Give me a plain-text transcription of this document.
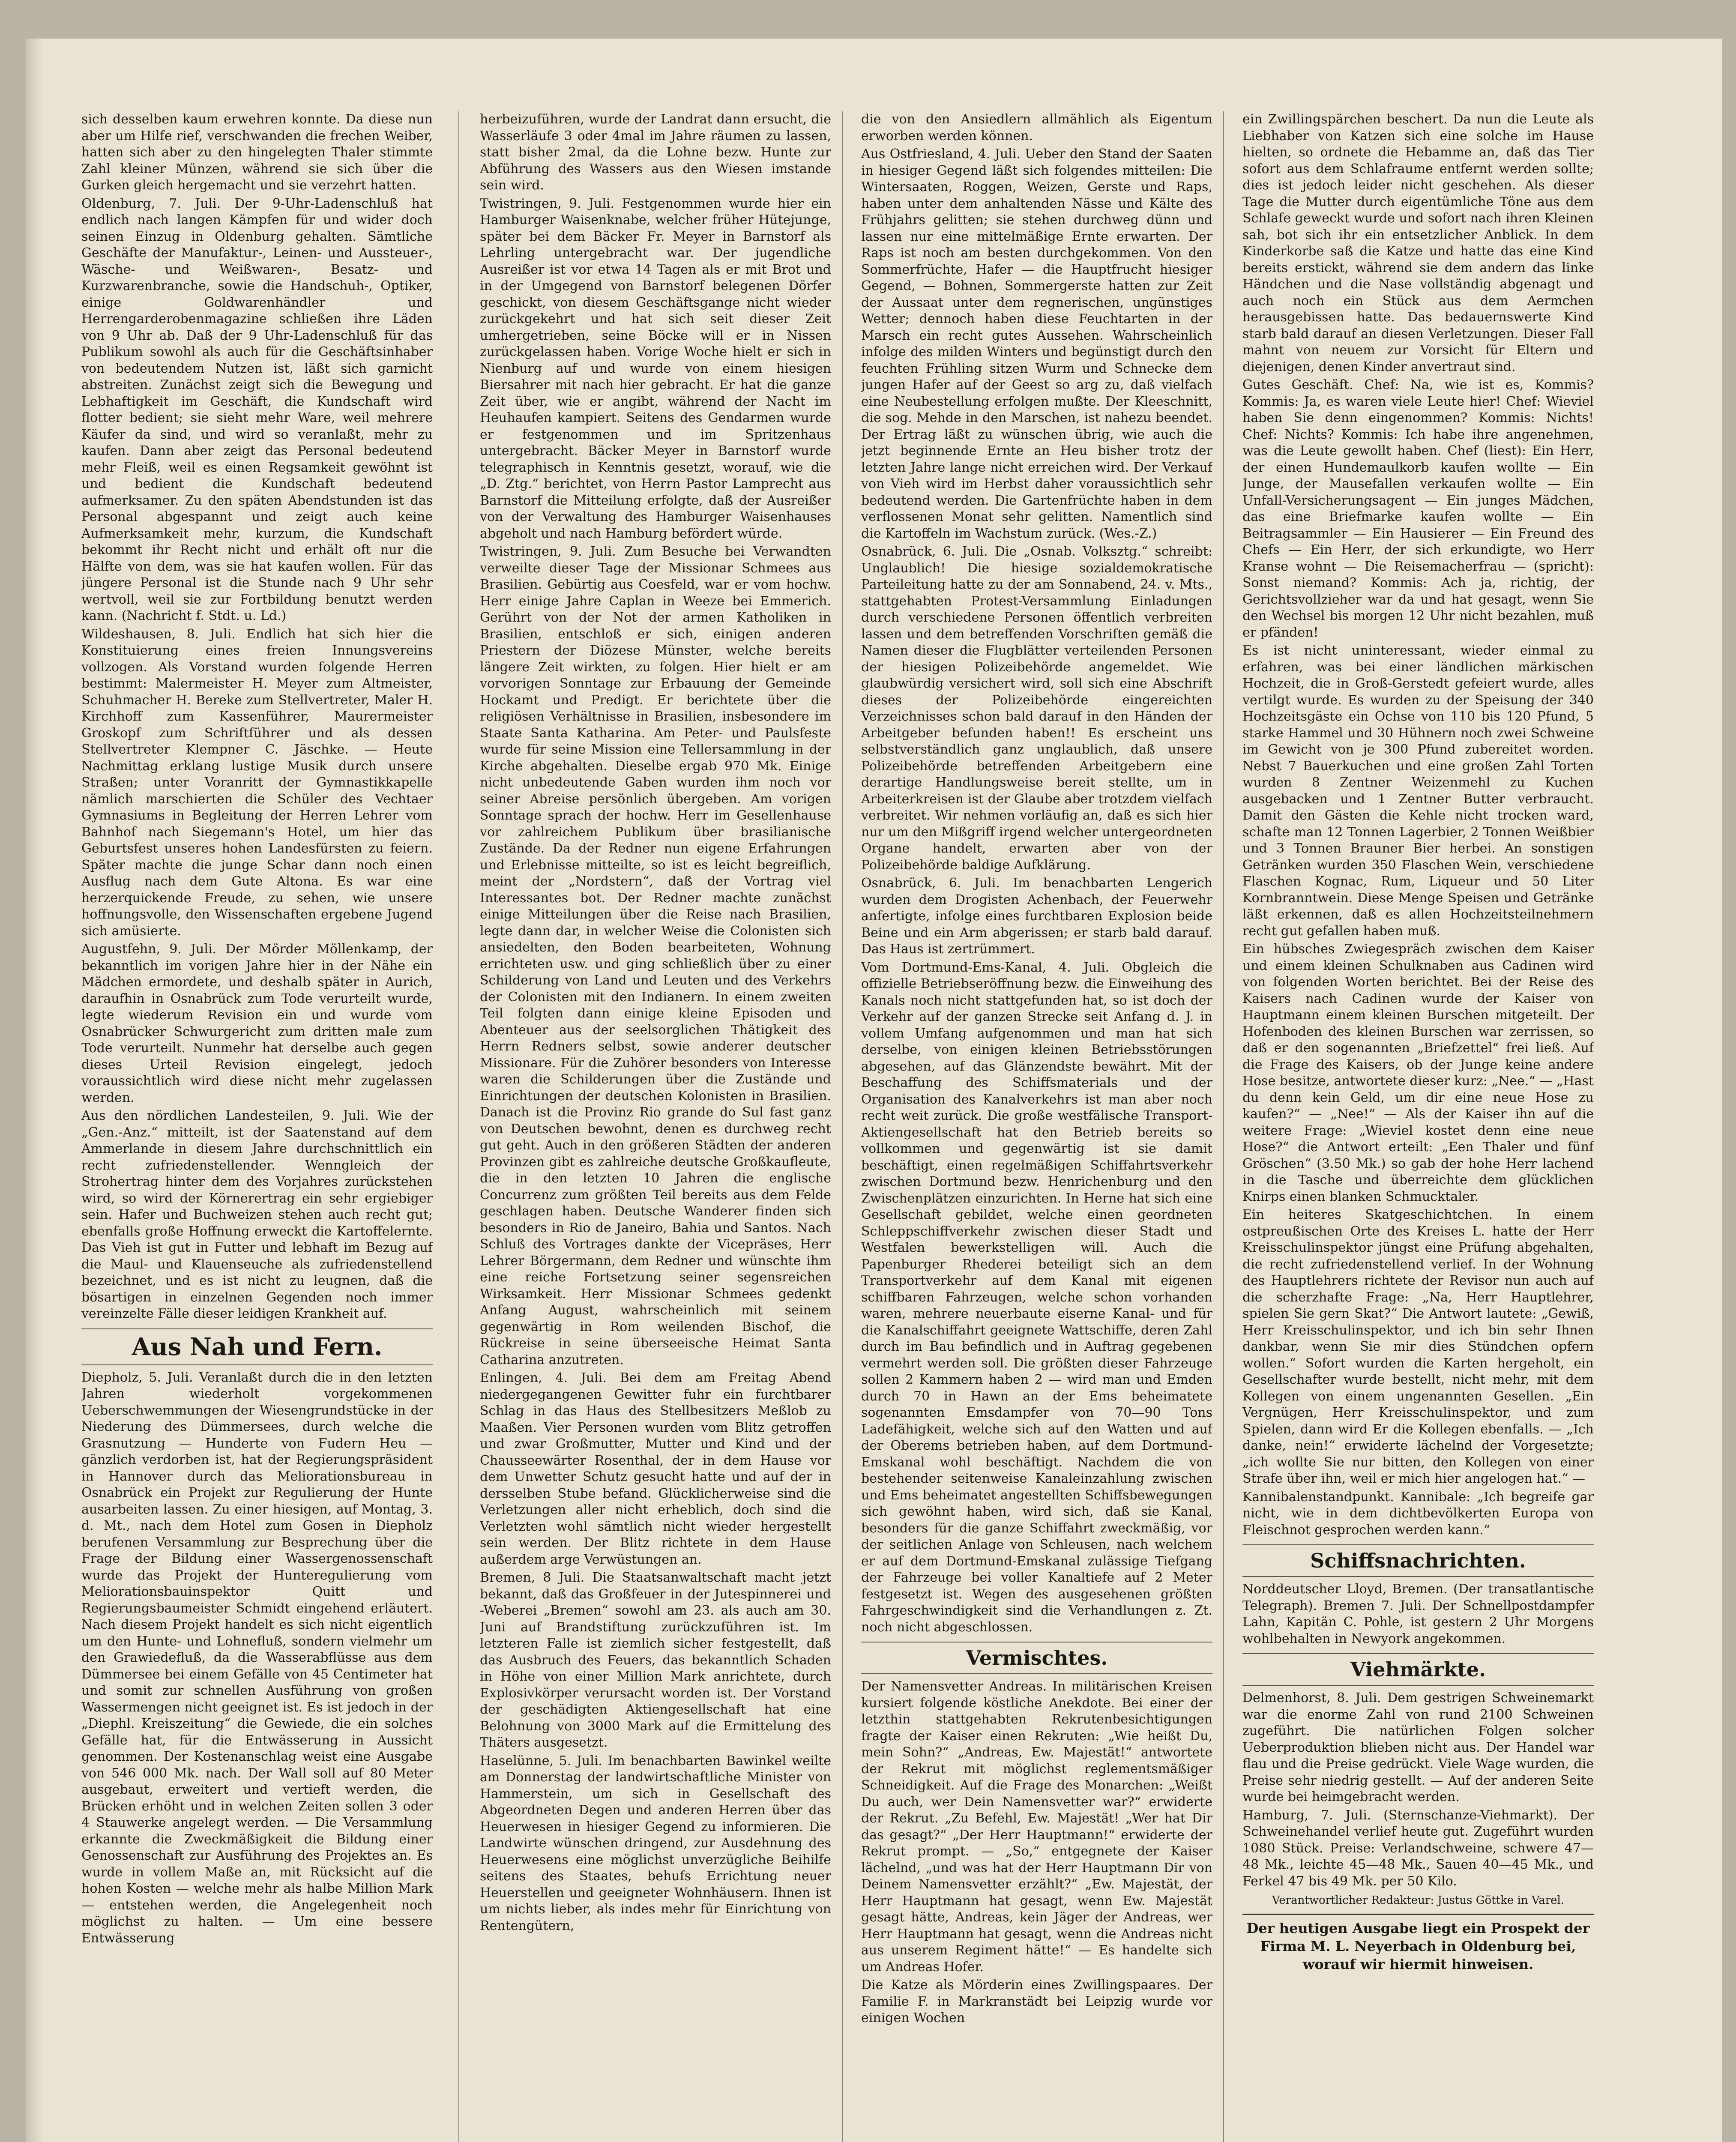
sich desselben kaum erwehren konnte. Da diese nun aber um Hilfe rief, verschwanden die frechen Weiber, hatten sich aber zu den hingelegten Thaler stimmte Zahl kleiner Münzen, während sie sich über die Gurken gleich hergemacht und sie verzehrt hatten.

Oldenburg, 7. Juli. Der 9-Uhr-Ladenschluß hat endlich nach langen Kämpfen für und wider doch seinen Einzug in Oldenburg gehalten. Sämtliche Geschäfte der Manufaktur-, Leinen- und Aussteuer-, Wäsche- und Weißwaren-, Besatz- und Kurzwarenbranche, sowie die Handschuh-, Optiker, einige Goldwarenhändler und Herrengarderobenmagazine schließen ihre Läden von 9 Uhr ab. Daß der 9 Uhr-Ladenschluß für das Publikum sowohl als auch für die Geschäftsinhaber von bedeutendem Nutzen ist, läßt sich garnicht abstreiten. Zunächst zeigt sich die Bewegung und Lebhaftigkeit im Geschäft, die Kundschaft wird flotter bedient; sie sieht mehr Ware, weil mehrere Käufer da sind, und wird so veranlaßt, mehr zu kaufen. Dann aber zeigt das Personal bedeutend mehr Fleiß, weil es einen Regsamkeit gewöhnt ist und bedient die Kundschaft bedeutend aufmerksamer. Zu den späten Abendstunden ist das Personal abgespannt und zeigt auch keine Aufmerksamkeit mehr, kurzum, die Kundschaft bekommt ihr Recht nicht und erhält oft nur die Hälfte von dem, was sie hat kaufen wollen. Für das jüngere Personal ist die Stunde nach 9 Uhr sehr wertvoll, weil sie zur Fortbildung benutzt werden kann. (Nachricht f. Stdt. u. Ld.)

Wildeshausen, 8. Juli. Endlich hat sich hier die Konstituierung eines freien Innungsvereins vollzogen. Als Vorstand wurden folgende Herren bestimmt: Malermeister H. Meyer zum Altmeister, Schuhmacher H. Bereke zum Stellvertreter, Maler H. Kirchhoff zum Kassenführer, Maurermeister Groskopf zum Schriftführer und als dessen Stellvertreter Klempner C. Jäschke. — Heute Nachmittag erklang lustige Musik durch unsere Straßen; unter Voranritt der Gymnastikkapelle nämlich marschierten die Schüler des Vechtaer Gymnasiums in Begleitung der Herren Lehrer vom Bahnhof nach Siegemann's Hotel, um hier das Geburtsfest unseres hohen Landesfürsten zu feiern. Später machte die junge Schar dann noch einen Ausflug nach dem Gute Altona. Es war eine herzerquickende Freude, zu sehen, wie unsere hoffnungsvolle, den Wissenschaften ergebene Jugend sich amüsierte.

Augustfehn, 9. Juli. Der Mörder Möllenkamp, der bekanntlich im vorigen Jahre hier in der Nähe ein Mädchen ermordete, und deshalb später in Aurich, daraufhin in Osnabrück zum Tode verurteilt wurde, legte wiederum Revision ein und wurde vom Osnabrücker Schwurgericht zum dritten male zum Tode verurteilt. Nunmehr hat derselbe auch gegen dieses Urteil Revision eingelegt, jedoch voraussichtlich wird diese nicht mehr zugelassen werden.

Aus den nördlichen Landesteilen, 9. Juli. Wie der „Gen.-Anz.“ mitteilt, ist der Saatenstand auf dem Ammerlande in diesem Jahre durchschnittlich ein recht zufriedenstellender. Wenngleich der Strohertrag hinter dem des Vorjahres zurückstehen wird, so wird der Körnerertrag ein sehr ergiebiger sein. Hafer und Buchweizen stehen auch recht gut; ebenfalls große Hoffnung erweckt die Kartoffelernte. Das Vieh ist gut in Futter und lebhaft im Bezug auf die Maul- und Klauenseuche als zufriedenstellend bezeichnet, und es ist nicht zu leugnen, daß die bösartigen in einzelnen Gegenden noch immer vereinzelte Fälle dieser leidigen Krankheit auf.

Aus Nah und Fern.

Diepholz, 5. Juli. Veranlaßt durch die in den letzten Jahren wiederholt vorgekommenen Ueberschwemmungen der Wiesengrundstücke in der Niederung des Dümmersees, durch welche die Grasnutzung — Hunderte von Fudern Heu — gänzlich verdorben ist, hat der Regierungspräsident in Hannover durch das Meliorationsbureau in Osnabrück ein Projekt zur Regulierung der Hunte ausarbeiten lassen. Zu einer hiesigen, auf Montag, 3. d. Mt., nach dem Hotel zum Gosen in Diepholz berufenen Versammlung zur Besprechung über die Frage der Bildung einer Wassergenossenschaft wurde das Projekt der Hunteregulierung vom Meliorationsbauinspektor Quitt und Regierungsbaumeister Schmidt eingehend erläutert. Nach diesem Projekt handelt es sich nicht eigentlich um den Hunte- und Lohnefluß, sondern vielmehr um den Grawiedefluß, da die Wasserabflüsse aus dem Dümmersee bei einem Gefälle von 45 Centimeter hat und somit zur schnellen Ausführung von großen Wassermengen nicht geeignet ist. Es ist jedoch in der „Diephl. Kreiszeitung“ die Gewiede, die ein solches Gefälle hat, für die Entwässerung in Aussicht genommen. Der Kostenanschlag weist eine Ausgabe von 546 000 Mk. nach. Der Wall soll auf 80 Meter ausgebaut, erweitert und vertieft werden, die Brücken erhöht und in welchen Zeiten sollen 3 oder 4 Stauwerke angelegt werden. — Die Versammlung erkannte die Zweckmäßigkeit die Bildung einer Genossenschaft zur Ausführung des Projektes an. Es wurde in vollem Maße an, mit Rücksicht auf die hohen Kosten — welche mehr als halbe Million Mark — entstehen werden, die Angelegenheit noch möglichst zu halten. — Um eine bessere Entwässerung

herbeizuführen, wurde der Landrat dann ersucht, die Wasserläufe 3 oder 4mal im Jahre räumen zu lassen, statt bisher 2mal, da die Lohne bezw. Hunte zur Abführung des Wassers aus den Wiesen imstande sein wird.

Twistringen, 9. Juli. Festgenommen wurde hier ein Hamburger Waisenknabe, welcher früher Hütejunge, später bei dem Bäcker Fr. Meyer in Barnstorf als Lehrling untergebracht war. Der jugendliche Ausreißer ist vor etwa 14 Tagen als er mit Brot und in der Umgegend von Barnstorf belegenen Dörfer geschickt, von diesem Geschäftsgange nicht wieder zurückgekehrt und hat sich seit dieser Zeit umhergetrieben, seine Böcke will er in Nissen zurückgelassen haben. Vorige Woche hielt er sich in Nienburg auf und wurde von einem hiesigen Biersahrer mit nach hier gebracht. Er hat die ganze Zeit über, wie er angibt, während der Nacht im Heuhaufen kampiert. Seitens des Gendarmen wurde er festgenommen und im Spritzenhaus untergebracht. Bäcker Meyer in Barnstorf wurde telegraphisch in Kenntnis gesetzt, worauf, wie die „D. Ztg.“ berichtet, von Herrn Pastor Lamprecht aus Barnstorf die Mitteilung erfolgte, daß der Ausreißer von der Verwaltung des Hamburger Waisenhauses abgeholt und nach Hamburg befördert würde.

Twistringen, 9. Juli. Zum Besuche bei Verwandten verweilte dieser Tage der Missionar Schmees aus Brasilien. Gebürtig aus Coesfeld, war er vom hochw. Herr einige Jahre Caplan in Weeze bei Emmerich. Gerührt von der Not der armen Katholiken in Brasilien, entschloß er sich, einigen anderen Priestern der Diözese Münster, welche bereits längere Zeit wirkten, zu folgen. Hier hielt er am vorvorigen Sonntage zur Erbauung der Gemeinde Hockamt und Predigt. Er berichtete über die religiösen Verhältnisse in Brasilien, insbesondere im Staate Santa Katharina. Am Peter- und Paulsfeste wurde für seine Mission eine Tellersammlung in der Kirche abgehalten. Dieselbe ergab 970 Mk. Einige nicht unbedeutende Gaben wurden ihm noch vor seiner Abreise persönlich übergeben. Am vorigen Sonntage sprach der hochw. Herr im Gesellenhause vor zahlreichem Publikum über brasilianische Zustände. Da der Redner nun eigene Erfahrungen und Erlebnisse mitteilte, so ist es leicht begreiflich, meint der „Nordstern“, daß der Vortrag viel Interessantes bot. Der Redner machte zunächst einige Mitteilungen über die Reise nach Brasilien, legte dann dar, in welcher Weise die Colonisten sich ansiedelten, den Boden bearbeiteten, Wohnung errichteten usw. und ging schließlich über zu einer Schilderung von Land und Leuten und des Verkehrs der Colonisten mit den Indianern. In einem zweiten Teil folgten dann einige kleine Episoden und Abenteuer aus der seelsorglichen Thätigkeit des Herrn Redners selbst, sowie anderer deutscher Missionare. Für die Zuhörer besonders von Interesse waren die Schilderungen über die Zustände und Einrichtungen der deutschen Kolonisten in Brasilien. Danach ist die Provinz Rio grande do Sul fast ganz von Deutschen bewohnt, denen es durchweg recht gut geht. Auch in den größeren Städten der anderen Provinzen gibt es zahlreiche deutsche Großkaufleute, die in den letzten 10 Jahren die englische Concurrenz zum größten Teil bereits aus dem Felde geschlagen haben. Deutsche Wanderer finden sich besonders in Rio de Janeiro, Bahia und Santos. Nach Schluß des Vortrages dankte der Vicepräses, Herr Lehrer Börgermann, dem Redner und wünschte ihm eine reiche Fortsetzung seiner segensreichen Wirksamkeit. Herr Missionar Schmees gedenkt Anfang August, wahrscheinlich mit seinem gegenwärtig in Rom weilenden Bischof, die Rückreise in seine überseeische Heimat Santa Catharina anzutreten.

Enlingen, 4. Juli. Bei dem am Freitag Abend niedergegangenen Gewitter fuhr ein furchtbarer Schlag in das Haus des Stellbesitzers Meßlob zu Maaßen. Vier Personen wurden vom Blitz getroffen und zwar Großmutter, Mutter und Kind und der Chausseewärter Rosenthal, der in dem Hause vor dem Unwetter Schutz gesucht hatte und auf der in dersselben Stube befand. Glücklicherweise sind die Verletzungen aller nicht erheblich, doch sind die Verletzten wohl sämtlich nicht wieder hergestellt sein werden. Der Blitz richtete in dem Hause außerdem arge Verwüstungen an.

Bremen, 8 Juli. Die Staatsanwaltschaft macht jetzt bekannt, daß das Großfeuer in der Jutespinnerei und -Weberei „Bremen“ sowohl am 23. als auch am 30. Juni auf Brandstiftung zurückzuführen ist. Im letzteren Falle ist ziemlich sicher festgestellt, daß das Ausbruch des Feuers, das bekanntlich Schaden in Höhe von einer Million Mark anrichtete, durch Explosivkörper verursacht worden ist. Der Vorstand der geschädigten Aktiengesellschaft hat eine Belohnung von 3000 Mark auf die Ermittelung des Thäters ausgesetzt.

Haselünne, 5. Juli. Im benachbarten Bawinkel weilte am Donnerstag der landwirtschaftliche Minister von Hammerstein, um sich in Gesellschaft des Abgeordneten Degen und anderen Herren über das Heuerwesen in hiesiger Gegend zu informieren. Die Landwirte wünschen dringend, zur Ausdehnung des Heuerwesens eine möglichst unverzügliche Beihilfe seitens des Staates, behufs Errichtung neuer Heuerstellen und geeigneter Wohnhäusern. Ihnen ist um nichts lieber, als indes mehr für Einrichtung von Rentengütern,

die von den Ansiedlern allmählich als Eigentum erworben werden können.

Aus Ostfriesland, 4. Juli. Ueber den Stand der Saaten in hiesiger Gegend läßt sich folgendes mitteilen: Die Wintersaaten, Roggen, Weizen, Gerste und Raps, haben unter dem anhaltenden Nässe und Kälte des Frühjahrs gelitten; sie stehen durchweg dünn und lassen nur eine mittelmäßige Ernte erwarten. Der Raps ist noch am besten durchgekommen. Von den Sommerfrüchte, Hafer — die Hauptfrucht hiesiger Gegend, — Bohnen, Sommergerste hatten zur Zeit der Aussaat unter dem regnerischen, ungünstiges Wetter; dennoch haben diese Feuchtarten in der Marsch ein recht gutes Aussehen. Wahrscheinlich infolge des milden Winters und begünstigt durch den feuchten Frühling sitzen Wurm und Schnecke dem jungen Hafer auf der Geest so arg zu, daß vielfach eine Neubestellung erfolgen mußte. Der Kleeschnitt, die sog. Mehde in den Marschen, ist nahezu beendet. Der Ertrag läßt zu wünschen übrig, wie auch die jetzt beginnende Ernte an Heu bisher trotz der letzten Jahre lange nicht erreichen wird. Der Verkauf von Vieh wird im Herbst daher voraussichtlich sehr bedeutend werden. Die Gartenfrüchte haben in dem verflossenen Monat sehr gelitten. Namentlich sind die Kartoffeln im Wachstum zurück. (Wes.-Z.)

Osnabrück, 6. Juli. Die „Osnab. Volksztg.“ schreibt: Unglaublich! Die hiesige sozialdemokratische Parteileitung hatte zu der am Sonnabend, 24. v. Mts., stattgehabten Protest-Versammlung Einladungen durch verschiedene Personen öffentlich verbreiten lassen und dem betreffenden Vorschriften gemäß die Namen dieser die Flugblätter verteilenden Personen der hiesigen Polizeibehörde angemeldet. Wie glaubwürdig versichert wird, soll sich eine Abschrift dieses der Polizeibehörde eingereichten Verzeichnisses schon bald darauf in den Händen der Arbeitgeber befunden haben!! Es erscheint uns selbstverständlich ganz unglaublich, daß unsere Polizeibehörde betreffenden Arbeitgebern eine derartige Handlungsweise bereit stellte, um in Arbeiterkreisen ist der Glaube aber trotzdem vielfach verbreitet. Wir nehmen vorläufig an, daß es sich hier nur um den Mißgriff irgend welcher untergeordneten Organe handelt, erwarten aber von der Polizeibehörde baldige Aufklärung.

Osnabrück, 6. Juli. Im benachbarten Lengerich wurden dem Drogisten Achenbach, der Feuerwehr anfertigte, infolge eines furchtbaren Explosion beide Beine und ein Arm abgerissen; er starb bald darauf. Das Haus ist zertrümmert.

Vom Dortmund-Ems-Kanal, 4. Juli. Obgleich die offizielle Betriebseröffnung bezw. die Einweihung des Kanals noch nicht stattgefunden hat, so ist doch der Verkehr auf der ganzen Strecke seit Anfang d. J. in vollem Umfang aufgenommen und man hat sich derselbe, von einigen kleinen Betriebsstörungen abgesehen, auf das Glänzendste bewährt. Mit der Beschaffung des Schiffsmaterials und der Organisation des Kanalverkehrs ist man aber noch recht weit zurück. Die große westfälische Transport-Aktiengesellschaft hat den Betrieb bereits so vollkommen und gegenwärtig ist sie damit beschäftigt, einen regelmäßigen Schiffahrtsverkehr zwischen Dortmund bezw. Henrichenburg und den Zwischenplätzen einzurichten. In Herne hat sich eine Gesellschaft gebildet, welche einen geordneten Schleppschiffverkehr zwischen dieser Stadt und Westfalen bewerkstelligen will. Auch die Papenburger Rhederei beteiligt sich an dem Transportverkehr auf dem Kanal mit eigenen schiffbaren Fahrzeugen, welche schon vorhanden waren, mehrere neuerbaute eiserne Kanal- und für die Kanalschiffahrt geeignete Wattschiffe, deren Zahl durch im Bau befindlich und in Auftrag gegebenen vermehrt werden soll. Die größten dieser Fahrzeuge sollen 2 Kammern haben 2 — wird man und Emden durch 70 in Hawn an der Ems beheimatete sogenannten Emsdampfer von 70—90 Tons Ladefähigkeit, welche sich auf den Watten und auf der Oberems betrieben haben, auf dem Dortmund-Emskanal wohl beschäftigt. Nachdem die von bestehender seitenweise Kanaleinzahlung zwischen und Ems beheimatet angestellten Schiffsbewegungen sich gewöhnt haben, wird sich, daß sie Kanal, besonders für die ganze Schiffahrt zweckmäßig, vor der seitlichen Anlage von Schleusen, nach welchem er auf dem Dortmund-Emskanal zulässige Tiefgang der Fahrzeuge bei voller Kanaltiefe auf 2 Meter festgesetzt ist. Wegen des ausgesehenen größten Fahrgeschwindigkeit sind die Verhandlungen z. Zt. noch nicht abgeschlossen.

Vermischtes.

Der Namensvetter Andreas. In militärischen Kreisen kursiert folgende köstliche Anekdote. Bei einer der letzthin stattgehabten Rekrutenbesichtigungen fragte der Kaiser einen Rekruten: „Wie heißt Du, mein Sohn?“ „Andreas, Ew. Majestät!“ antwortete der Rekrut mit möglichst reglementsmäßiger Schneidigkeit. Auf die Frage des Monarchen: „Weißt Du auch, wer Dein Namensvetter war?“ erwiderte der Rekrut. „Zu Befehl, Ew. Majestät! „Wer hat Dir das gesagt?“ „Der Herr Hauptmann!“ erwiderte der Rekrut prompt. — „So,“ entgegnete der Kaiser lächelnd, „und was hat der Herr Hauptmann Dir von Deinem Namensvetter erzählt?“ „Ew. Majestät, der Herr Hauptmann hat gesagt, wenn Ew. Majestät gesagt hätte, Andreas, kein Jäger der Andreas, wer Herr Hauptmann hat gesagt, wenn die Andreas nicht aus unserem Regiment hätte!“ — Es handelte sich um Andreas Hofer.

Die Katze als Mörderin eines Zwillingspaares. Der Familie F. in Markranstädt bei Leipzig wurde vor einigen Wochen

ein Zwillingspärchen beschert. Da nun die Leute als Liebhaber von Katzen sich eine solche im Hause hielten, so ordnete die Hebamme an, daß das Tier sofort aus dem Schlafraume entfernt werden sollte; dies ist jedoch leider nicht geschehen. Als dieser Tage die Mutter durch eigentümliche Töne aus dem Schlafe geweckt wurde und sofort nach ihren Kleinen sah, bot sich ihr ein entsetzlicher Anblick. In dem Kinderkorbe saß die Katze und hatte das eine Kind bereits erstickt, während sie dem andern das linke Händchen und die Nase vollständig abgenagt und auch noch ein Stück aus dem Aermchen herausgebissen hatte. Das bedauernswerte Kind starb bald darauf an diesen Verletzungen. Dieser Fall mahnt von neuem zur Vorsicht für Eltern und diejenigen, denen Kinder anvertraut sind.

Gutes Geschäft. Chef: Na, wie ist es, Kommis? Kommis: Ja, es waren viele Leute hier! Chef: Wieviel haben Sie denn eingenommen? Kommis: Nichts! Chef: Nichts? Kommis: Ich habe ihre angenehmen, was die Leute gewollt haben. Chef (liest): Ein Herr, der einen Hundemaulkorb kaufen wollte — Ein Junge, der Mausefallen verkaufen wollte — Ein Unfall-Versicherungsagent — Ein junges Mädchen, das eine Briefmarke kaufen wollte — Ein Beitragsammler — Ein Hausierer — Ein Freund des Chefs — Ein Herr, der sich erkundigte, wo Herr Kranse wohnt — Die Reisemacherfrau — (spricht): Sonst niemand? Kommis: Ach ja, richtig, der Gerichtsvollzieher war da und hat gesagt, wenn Sie den Wechsel bis morgen 12 Uhr nicht bezahlen, muß er pfänden!

Es ist nicht uninteressant, wieder einmal zu erfahren, was bei einer ländlichen märkischen Hochzeit, die in Groß-Gerstedt gefeiert wurde, alles vertilgt wurde. Es wurden zu der Speisung der 340 Hochzeitsgäste ein Ochse von 110 bis 120 Pfund, 5 starke Hammel und 30 Hühnern noch zwei Schweine im Gewicht von je 300 Pfund zubereitet worden. Nebst 7 Bauerkuchen und eine großen Zahl Torten wurden 8 Zentner Weizenmehl zu Kuchen ausgebacken und 1 Zentner Butter verbraucht. Damit den Gästen die Kehle nicht trocken ward, schafte man 12 Tonnen Lagerbier, 2 Tonnen Weißbier und 3 Tonnen Brauner Bier herbei. An sonstigen Getränken wurden 350 Flaschen Wein, verschiedene Flaschen Kognac, Rum, Liqueur und 50 Liter Kornbranntwein. Diese Menge Speisen und Getränke läßt erkennen, daß es allen Hochzeitsteilnehmern recht gut gefallen haben muß.

Ein hübsches Zwiegespräch zwischen dem Kaiser und einem kleinen Schulknaben aus Cadinen wird von folgenden Worten berichtet. Bei der Reise des Kaisers nach Cadinen wurde der Kaiser von Hauptmann einem kleinen Burschen mitgeteilt. Der Hofenboden des kleinen Burschen war zerrissen, so daß er den sogenannten „Briefzettel“ frei ließ. Auf die Frage des Kaisers, ob der Junge keine andere Hose besitze, antwortete dieser kurz: „Nee.“ — „Hast du denn kein Geld, um dir eine neue Hose zu kaufen?“ — „Nee!“ — Als der Kaiser ihn auf die weitere Frage: „Wieviel kostet denn eine neue Hose?“ die Antwort erteilt: „Een Thaler und fünf Gröschen“ (3.50 Mk.) so gab der hohe Herr lachend in die Tasche und überreichte dem glücklichen Knirps einen blanken Schmucktaler.

Ein heiteres Skatgeschichtchen. In einem ostpreußischen Orte des Kreises L. hatte der Herr Kreisschulinspektor jüngst eine Prüfung abgehalten, die recht zufriedenstellend verlief. In der Wohnung des Hauptlehrers richtete der Revisor nun auch auf die scherzhafte Frage: „Na, Herr Hauptlehrer, spielen Sie gern Skat?“ Die Antwort lautete: „Gewiß, Herr Kreisschulinspektor, und ich bin sehr Ihnen dankbar, wenn Sie mir dies Stündchen opfern wollen.“ Sofort wurden die Karten hergeholt, ein Gesellschafter wurde bestellt, nicht mehr, mit dem Kollegen von einem ungenannten Gesellen. „Ein Vergnügen, Herr Kreisschulinspektor, und zum Spielen, dann wird Er die Kollegen ebenfalls. — „Ich danke, nein!“ erwiderte lächelnd der Vorgesetzte; „ich wollte Sie nur bitten, den Kollegen von einer Strafe über ihn, weil er mich hier angelogen hat.“ —

Kannibalenstandpunkt. Kannibale: „Ich begreife gar nicht, wie in dem dichtbevölkerten Europa von Fleischnot gesprochen werden kann.“

Schiffsnachrichten.

Norddeutscher Lloyd, Bremen. (Der transatlantische Telegraph). Bremen 7. Juli. Der Schnellpostdampfer Lahn, Kapitän C. Pohle, ist gestern 2 Uhr Morgens wohlbehalten in Newyork angekommen.

Viehmärkte.

Delmenhorst, 8. Juli. Dem gestrigen Schweinemarkt war die enorme Zahl von rund 2100 Schweinen zugeführt. Die natürlichen Folgen solcher Ueberproduktion blieben nicht aus. Der Handel war flau und die Preise gedrückt. Viele Wage wurden, die Preise sehr niedrig gestellt. — Auf der anderen Seite wurde bei heimgebracht werden.

Hamburg, 7. Juli. (Sternschanze-Viehmarkt). Der Schweinehandel verlief heute gut. Zugeführt wurden 1080 Stück. Preise: Verlandschweine, schwere 47—48 Mk., leichte 45—48 Mk., Sauen 40—45 Mk., und Ferkel 47 bis 49 Mk. per 50 Kilo.

Verantwortlicher Redakteur: Justus Göttke in Varel.
Der heutigen Ausgabe liegt ein Prospekt der Firma M. L. Neyerbach in Oldenburg bei, worauf wir hiermit hinweisen.
